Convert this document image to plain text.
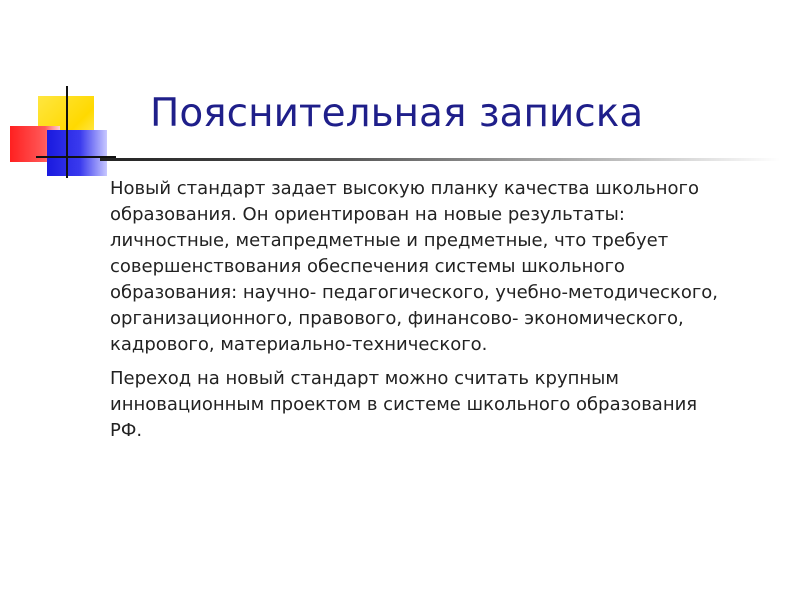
Пояснительная записка

Новый стандарт задает высокую планку качества школьного
образования. Он ориентирован на новые результаты:
личностные, метапредметные и предметные, что требует
совершенствования обеспечения системы школьного
образования: научно- педагогического, учебно-методического,
организационного, правового, финансово- экономического,
кадрового, материально-технического.

Переход на новый стандарт можно считать крупным
инновационным проектом в системе школьного образования
РФ.
